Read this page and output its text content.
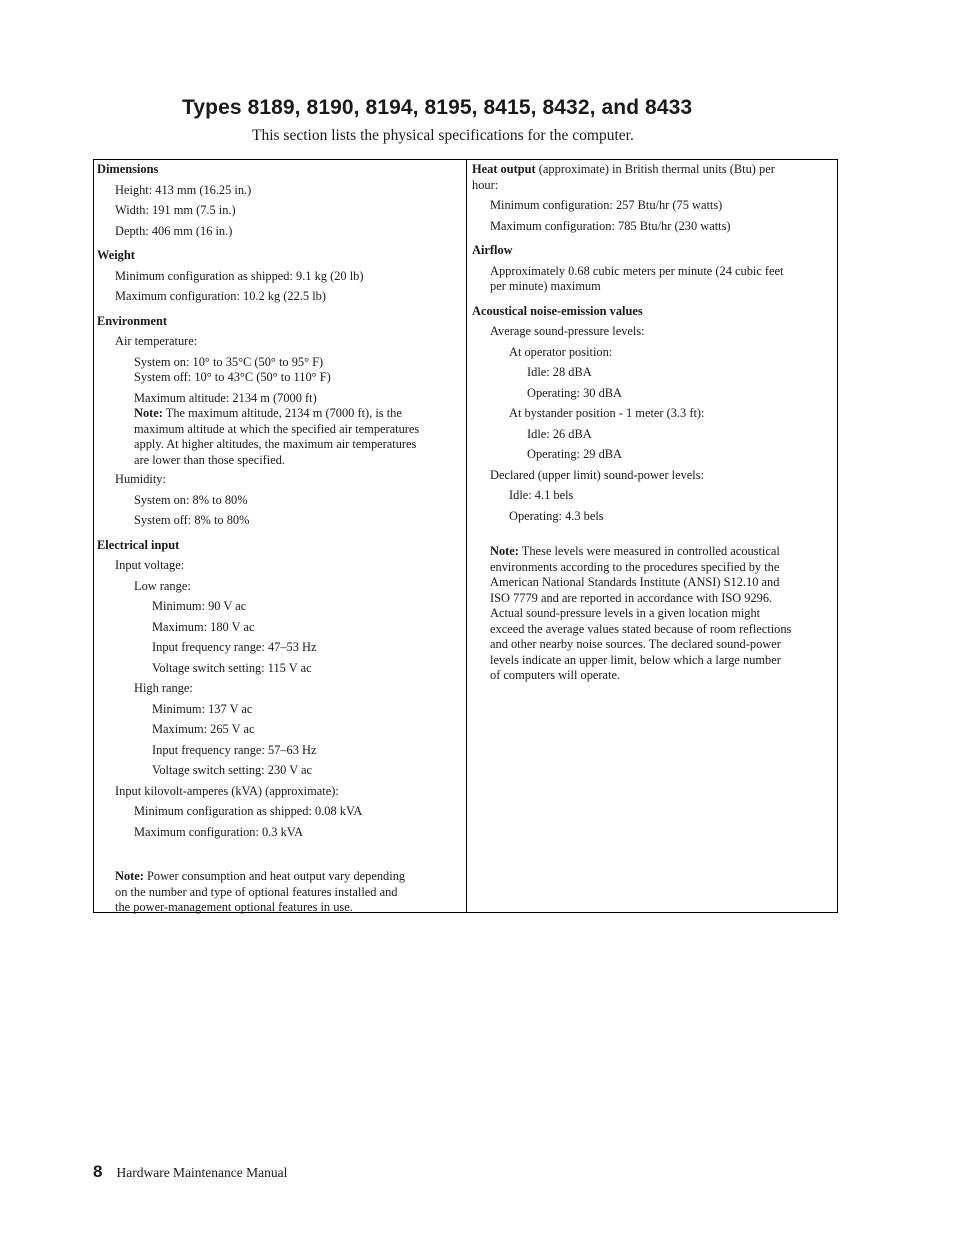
Types 8189, 8190, 8194, 8195, 8415, 8432, and 8433
This section lists the physical specifications for the computer.
Dimensions
Height: 413 mm (16.25 in.)
Width: 191 mm (7.5 in.)
Depth: 406 mm (16 in.)
Weight
Minimum configuration as shipped: 9.1 kg (20 lb)
Maximum configuration: 10.2 kg (22.5 lb)
Environment
Air temperature:
System on: 10° to 35°C (50° to 95° F)
System off: 10° to 43°C (50° to 110° F)
Maximum altitude: 2134 m (7000 ft)
Note: The maximum altitude, 2134 m (7000 ft), is the
maximum altitude at which the specified air temperatures
apply. At higher altitudes, the maximum air temperatures
are lower than those specified.
Humidity:
System on: 8% to 80%
System off: 8% to 80%
Electrical input
Input voltage:
Low range:
Minimum: 90 V ac
Maximum: 180 V ac
Input frequency range: 47–53 Hz
Voltage switch setting: 115 V ac
High range:
Minimum: 137 V ac
Maximum: 265 V ac
Input frequency range: 57–63 Hz
Voltage switch setting: 230 V ac
Input kilovolt-amperes (kVA) (approximate):
Minimum configuration as shipped: 0.08 kVA
Maximum configuration: 0.3 kVA
Note: Power consumption and heat output vary depending
on the number and type of optional features installed and
the power-management optional features in use.
Heat output (approximate) in British thermal units (Btu) per
hour:
Minimum configuration: 257 Btu/hr (75 watts)
Maximum configuration: 785 Btu/hr (230 watts)
Airflow
Approximately 0.68 cubic meters per minute (24 cubic feet
per minute) maximum
Acoustical noise-emission values
Average sound-pressure levels:
At operator position:
Idle: 28 dBA
Operating: 30 dBA
At bystander position - 1 meter (3.3 ft):
Idle: 26 dBA
Operating: 29 dBA
Declared (upper limit) sound-power levels:
Idle: 4.1 bels
Operating: 4.3 bels
Note: These levels were measured in controlled acoustical
environments according to the procedures specified by the
American National Standards Institute (ANSI) S12.10 and
ISO 7779 and are reported in accordance with ISO 9296.
Actual sound-pressure levels in a given location might
exceed the average values stated because of room reflections
and other nearby noise sources. The declared sound-power
levels indicate an upper limit, below which a large number
of computers will operate.
8 Hardware Maintenance Manual
